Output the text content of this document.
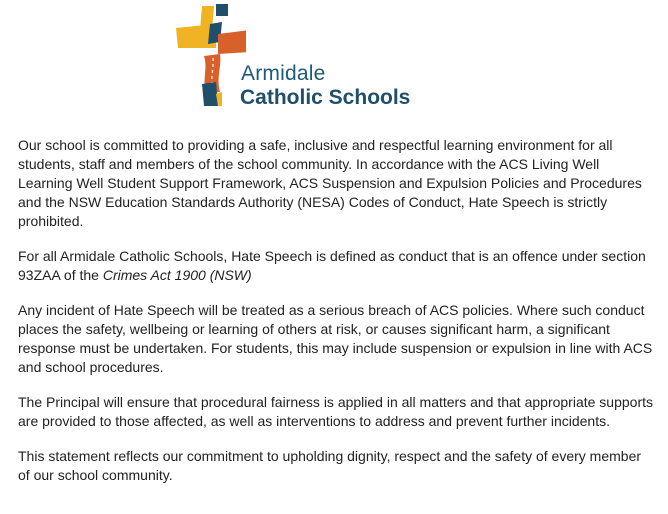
Armidale
Catholic Schools

Our school is committed to providing a safe, inclusive and respectful learning environment for all students, staff and members of the school community. In accordance with the ACS Living Well Learning Well Student Support Framework, ACS Suspension and Expulsion Policies and Procedures and the NSW Education Standards Authority (NESA) Codes of Conduct, Hate Speech is strictly prohibited.

For all Armidale Catholic Schools, Hate Speech is defined as conduct that is an offence under section 93ZAA of the Crimes Act 1900 (NSW)

Any incident of Hate Speech will be treated as a serious breach of ACS policies. Where such conduct places the safety, wellbeing or learning of others at risk, or causes significant harm, a significant response must be undertaken. For students, this may include suspension or expulsion in line with ACS and school procedures.

The Principal will ensure that procedural fairness is applied in all matters and that appropriate supports are provided to those affected, as well as interventions to address and prevent further incidents.

This statement reflects our commitment to upholding dignity, respect and the safety of every member of our school community.
